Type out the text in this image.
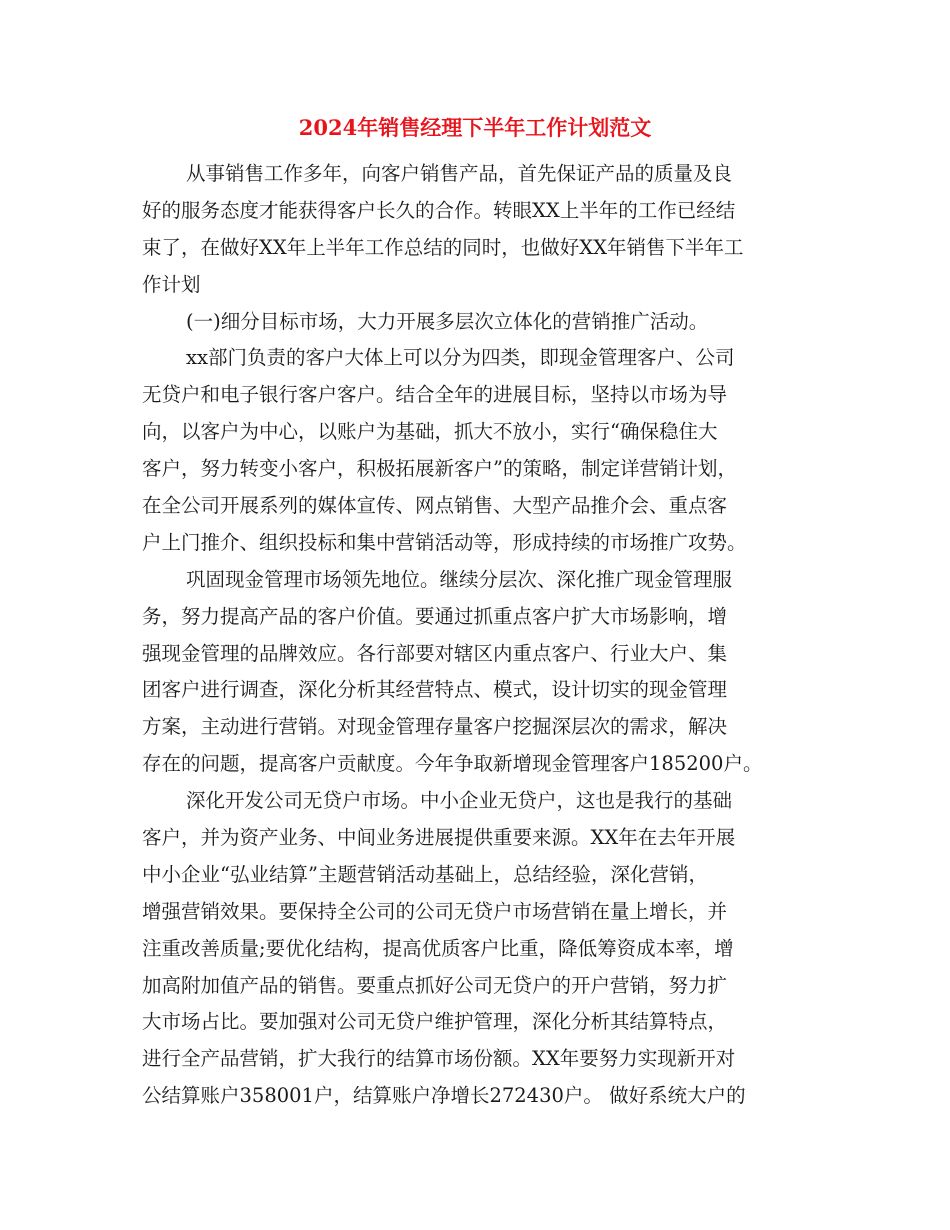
2024年销售经理下半年工作计划范文
从事销售工作多年，向客户销售产品，首先保证产品的质量及良
好的服务态度才能获得客户长久的合作。转眼XX上半年的工作已经结
束了，在做好XX年上半年工作总结的同时，也做好XX年销售下半年工
作计划
(一)细分目标市场，大力开展多层次立体化的营销推广活动。
xx部门负责的客户大体上可以分为四类，即现金管理客户、公司
无贷户和电子银行客户客户。结合全年的进展目标，坚持以市场为导
向，以客户为中心，以账户为基础，抓大不放小，实行“确保稳住大
客户，努力转变小客户，积极拓展新客户”的策略，制定详营销计划，
在全公司开展系列的媒体宣传、网点销售、大型产品推介会、重点客
户上门推介、组织投标和集中营销活动等，形成持续的市场推广攻势。
巩固现金管理市场领先地位。继续分层次、深化推广现金管理服
务，努力提高产品的客户价值。要通过抓重点客户扩大市场影响，增
强现金管理的品牌效应。各行部要对辖区内重点客户、行业大户、集
团客户进行调查，深化分析其经营特点、模式，设计切实的现金管理
方案，主动进行营销。对现金管理存量客户挖掘深层次的需求，解决
存在的问题，提高客户贡献度。今年争取新增现金管理客户185200户。
深化开发公司无贷户市场。中小企业无贷户，这也是我行的基础
客户，并为资产业务、中间业务进展提供重要来源。XX年在去年开展
中小企业“弘业结算”主题营销活动基础上，总结经验，深化营销，
增强营销效果。要保持全公司的公司无贷户市场营销在量上增长，并
注重改善质量;要优化结构，提高优质客户比重，降低筹资成本率，增
加高附加值产品的销售。要重点抓好公司无贷户的开户营销，努力扩
大市场占比。要加强对公司无贷户维护管理，深化分析其结算特点，
进行全产品营销，扩大我行的结算市场份额。XX年要努力实现新开对
公结算账户358001户，结算账户净增长272430户。 做好系统大户的
